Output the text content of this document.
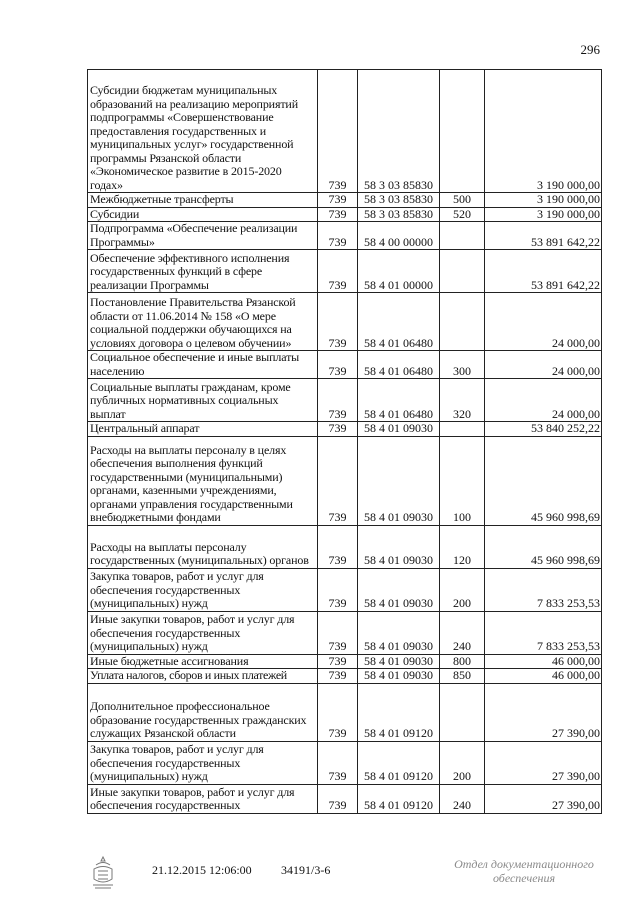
296
Субсидии бюджетам муниципальных образований на реализацию мероприятий подпрограммы «Совершенствование предоставления государственных и муниципальных услуг» государственной программы Рязанской области «Экономическое развитие в 2015-2020 годах»	739	58 3 03 85830		3 190 000,00
Межбюджетные трансферты	739	58 3 03 85830	500	3 190 000,00
Субсидии	739	58 3 03 85830	520	3 190 000,00
Подпрограмма «Обеспечение реализации Программы»	739	58 4 00 00000		53 891 642,22
Обеспечение эффективного исполнения государственных функций в сфере реализации Программы	739	58 4 01 00000		53 891 642,22
Постановление Правительства Рязанской области от 11.06.2014 № 158 «О мере социальной поддержки обучающихся на условиях договора о целевом обучении»	739	58 4 01 06480		24 000,00
Социальное обеспечение и иные выплаты населению	739	58 4 01 06480	300	24 000,00
Социальные выплаты гражданам, кроме публичных нормативных социальных выплат	739	58 4 01 06480	320	24 000,00
Центральный аппарат	739	58 4 01 09030		53 840 252,22
Расходы на выплаты персоналу в целях обеспечения выполнения функций государственными (муниципальными) органами, казенными учреждениями, органами управления государственными внебюджетными фондами	739	58 4 01 09030	100	45 960 998,69
Расходы на выплаты персоналу государственных (муниципальных) органов	739	58 4 01 09030	120	45 960 998,69
Закупка товаров, работ и услуг для обеспечения государственных (муниципальных) нужд	739	58 4 01 09030	200	7 833 253,53
Иные закупки товаров, работ и услуг для обеспечения государственных (муниципальных) нужд	739	58 4 01 09030	240	7 833 253,53
Иные бюджетные ассигнования	739	58 4 01 09030	800	46 000,00
Уплата налогов, сборов и иных платежей	739	58 4 01 09030	850	46 000,00
Дополнительное профессиональное образование государственных гражданских служащих Рязанской области	739	58 4 01 09120		27 390,00
Закупка товаров, работ и услуг для обеспечения государственных (муниципальных) нужд	739	58 4 01 09120	200	27 390,00
Иные закупки товаров, работ и услуг для обеспечения государственных	739	58 4 01 09120	240	27 390,00
21.12.2015 12:06:00 34191/3-6	Отдел документационного
обеспечения
